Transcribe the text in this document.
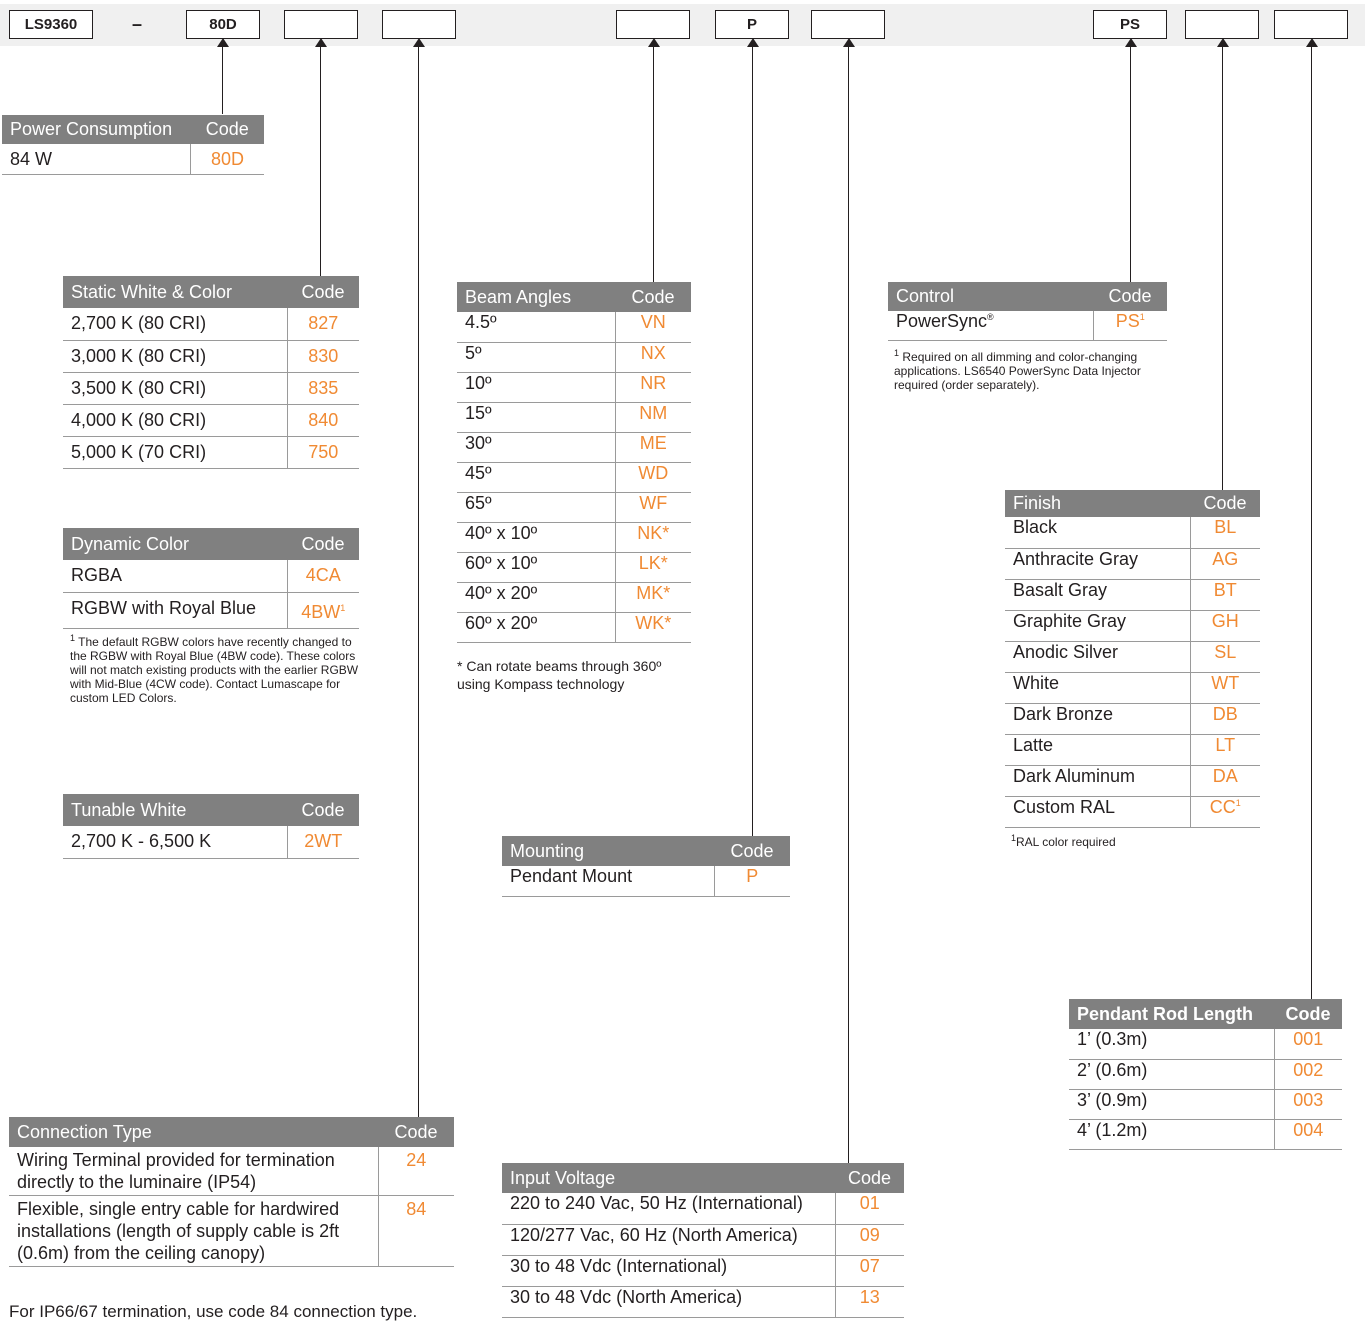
LS9360	–	80D	P	PS
Power Consumption	Code
84 W	80D
Static White & Color	Code
2,700 K (80 CRI)	827
3,000 K (80 CRI)	830
3,500 K (80 CRI)	835
4,000 K (80 CRI)	840
5,000 K (70 CRI)	750
Dynamic Color	Code
RGBA	4CA
RGBW with Royal Blue	$4BW^1$
$^1$ The default RGBW colors have recently changed to the RGBW with Royal Blue (4BW code). These colors will not match existing products with the earlier RGBW with Mid-Blue (4CW code). Contact Lumascape for custom LED Colors.
Tunable White	Code
2,700 K - 6,500 K	2WT
Connection Type	Code
Wiring Terminal provided for termination directly to the luminaire (IP54)	24
Flexible, single entry cable for hardwired installations (length of supply cable is 2ft (0.6m) from the ceiling canopy)	84
For IP66/67 termination, use code 84 connection type.
Beam Angles	Code
4.5º	VN
5º	NX
10º	NR
15º	NM
30º	ME
45º	WD
65º	WF
40º x 10º	NK*
60º x 10º	LK*
40º x 20º	MK*
60º x 20º	WK*
* Can rotate beams through 360º using Kompass technology
Mounting	Code
Pendant Mount	P
Input Voltage	Code
220 to 240 Vac, 50 Hz (International)	01
120/277 Vac, 60 Hz (North America)	09
30 to 48 Vdc (International)	07
30 to 48 Vdc (North America)	13
Control	Code
PowerSync®	$PS^1$
$^1$ Required on all dimming and color-changing applications. LS6540 PowerSync Data Injector required (order separately).
Finish	Code
Black	BL
Anthracite Gray	AG
Basalt Gray	BT
Graphite Gray	GH
Anodic Silver	SL
White	WT
Dark Bronze	DB
Latte	LT
Dark Aluminum	DA
Custom RAL	$CC^1$
$^1$RAL color required
Pendant Rod Length	Code
1’ (0.3m)	001
2’ (0.6m)	002
3’ (0.9m)	003
4’ (1.2m)	004
